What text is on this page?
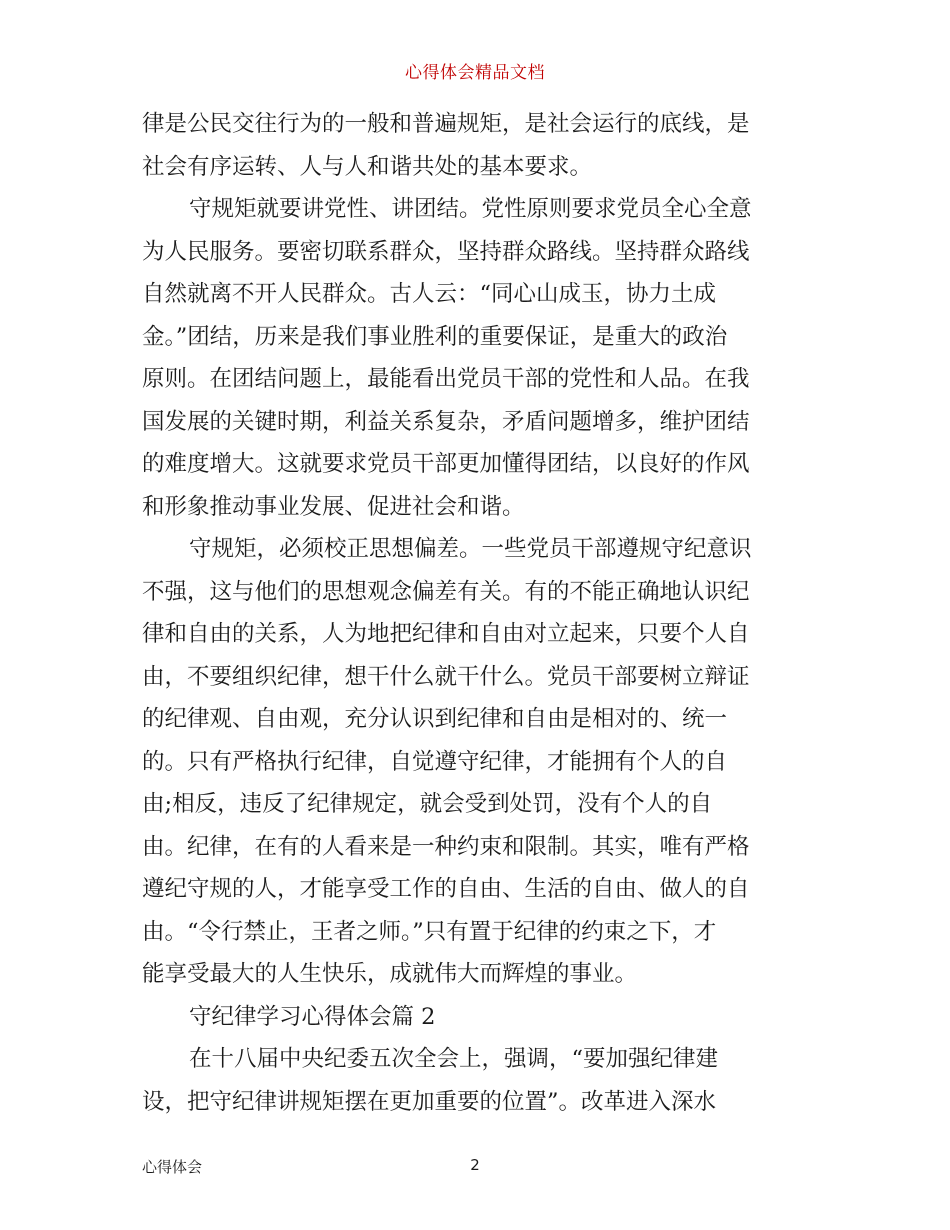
心得体会精品文档
律是公民交往行为的一般和普遍规矩，是社会运行的底线，是
社会有序运转、人与人和谐共处的基本要求。
守规矩就要讲党性、讲团结。党性原则要求党员全心全意
为人民服务。要密切联系群众，坚持群众路线。坚持群众路线
自然就离不开人民群众。古人云：“同心山成玉，协力土成
金。”团结，历来是我们事业胜利的重要保证，是重大的政治
原则。在团结问题上，最能看出党员干部的党性和人品。在我
国发展的关键时期，利益关系复杂，矛盾问题增多，维护团结
的难度增大。这就要求党员干部更加懂得团结，以良好的作风
和形象推动事业发展、促进社会和谐。
守规矩，必须校正思想偏差。一些党员干部遵规守纪意识
不强，这与他们的思想观念偏差有关。有的不能正确地认识纪
律和自由的关系，人为地把纪律和自由对立起来，只要个人自
由，不要组织纪律，想干什么就干什么。党员干部要树立辩证
的纪律观、自由观，充分认识到纪律和自由是相对的、统一
的。只有严格执行纪律，自觉遵守纪律，才能拥有个人的自
由;相反，违反了纪律规定，就会受到处罚，没有个人的自
由。纪律，在有的人看来是一种约束和限制。其实，唯有严格
遵纪守规的人，才能享受工作的自由、生活的自由、做人的自
由。“令行禁止，王者之师。”只有置于纪律的约束之下，才
能享受最大的人生快乐，成就伟大而辉煌的事业。
守纪律学习心得体会篇 2
在十八届中央纪委五次全会上，强调，“要加强纪律建
设，把守纪律讲规矩摆在更加重要的位置”。改革进入深水
心得体会	2
